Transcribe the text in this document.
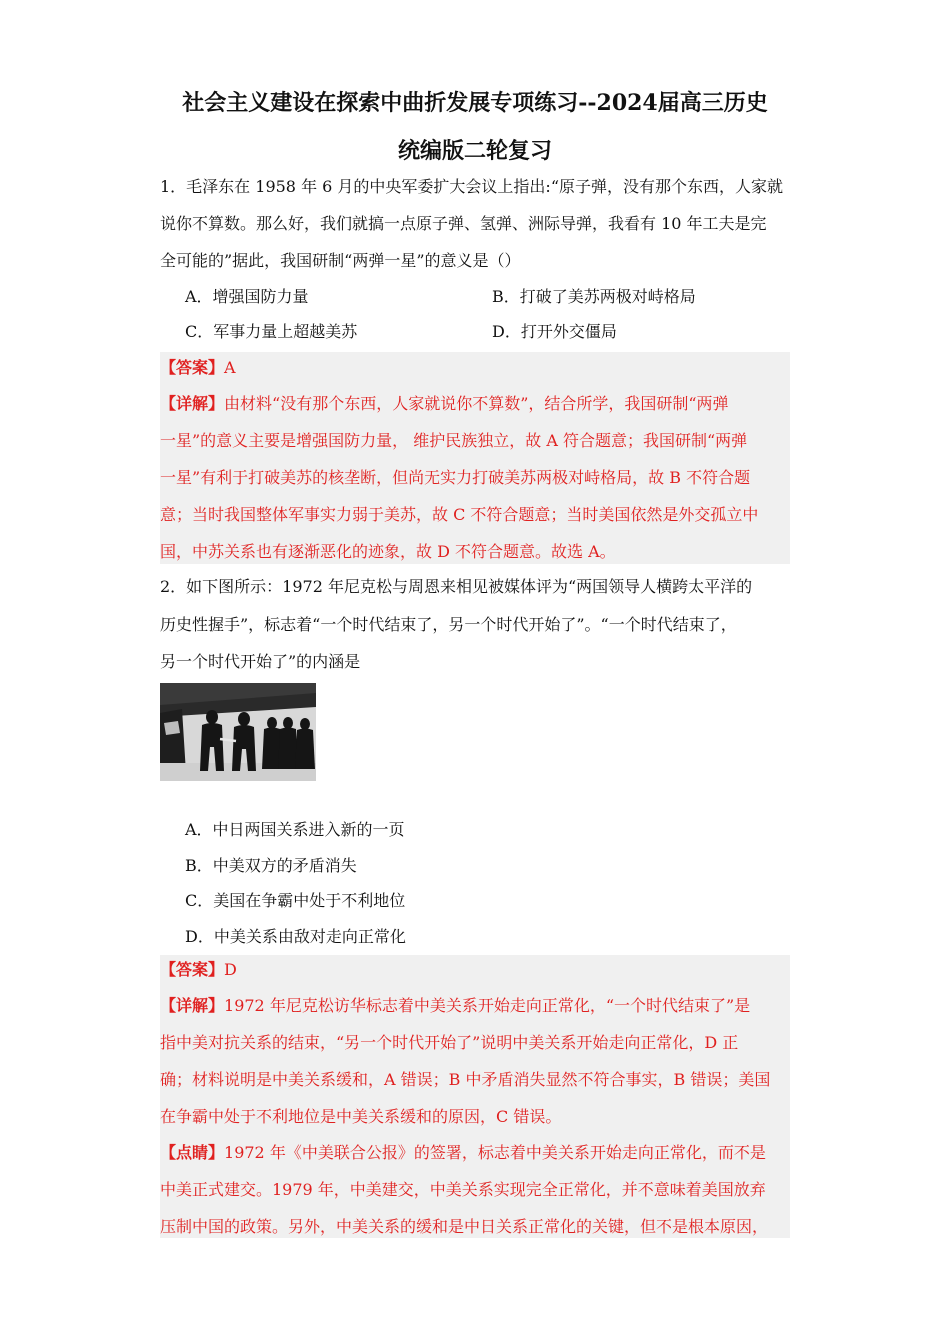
社会主义建设在探索中曲折发展专项练习--2024届高三历史
统编版二轮复习
1．毛泽东在 1958 年 6 月的中央军委扩大会议上指出:“原子弹，没有那个东西，人家就
说你不算数。那么好，我们就搞一点原子弹、氢弹、洲际导弹，我看有 10 年工夫是完
全可能的”据此，我国研制“两弹一星”的意义是（）
A．增强国防力量	B．打破了美苏两极对峙格局
C．军事力量上超越美苏	D．打开外交僵局
【答案】A
【详解】由材料“没有那个东西，人家就说你不算数”，结合所学，我国研制“两弹
一星”的意义主要是增强国防力量， 维护民族独立，故 A 符合题意；我国研制“两弹
一星”有利于打破美苏的核垄断，但尚无实力打破美苏两极对峙格局，故 B 不符合题
意；当时我国整体军事实力弱于美苏，故 C 不符合题意；当时美国依然是外交孤立中
国，中苏关系也有逐渐恶化的迹象，故 D 不符合题意。故选 A。
2．如下图所示：1972 年尼克松与周恩来相见被媒体评为“两国领导人横跨太平洋的
历史性握手”，标志着“一个时代结束了，另一个时代开始了”。“一个时代结束了，
另一个时代开始了”的内涵是
A．中日两国关系进入新的一页
B．中美双方的矛盾消失
C．美国在争霸中处于不利地位
D．中美关系由敌对走向正常化
【答案】D
【详解】1972 年尼克松访华标志着中美关系开始走向正常化，“一个时代结束了”是
指中美对抗关系的结束，“另一个时代开始了”说明中美关系开始走向正常化，D 正
确；材料说明是中美关系缓和，A 错误；B 中矛盾消失显然不符合事实，B 错误；美国
在争霸中处于不利地位是中美关系缓和的原因，C 错误。
【点睛】1972 年《中美联合公报》的签署，标志着中美关系开始走向正常化，而不是
中美正式建交。1979 年，中美建交，中美关系实现完全正常化，并不意味着美国放弃
压制中国的政策。另外，中美关系的缓和是中日关系正常化的关键，但不是根本原因，
